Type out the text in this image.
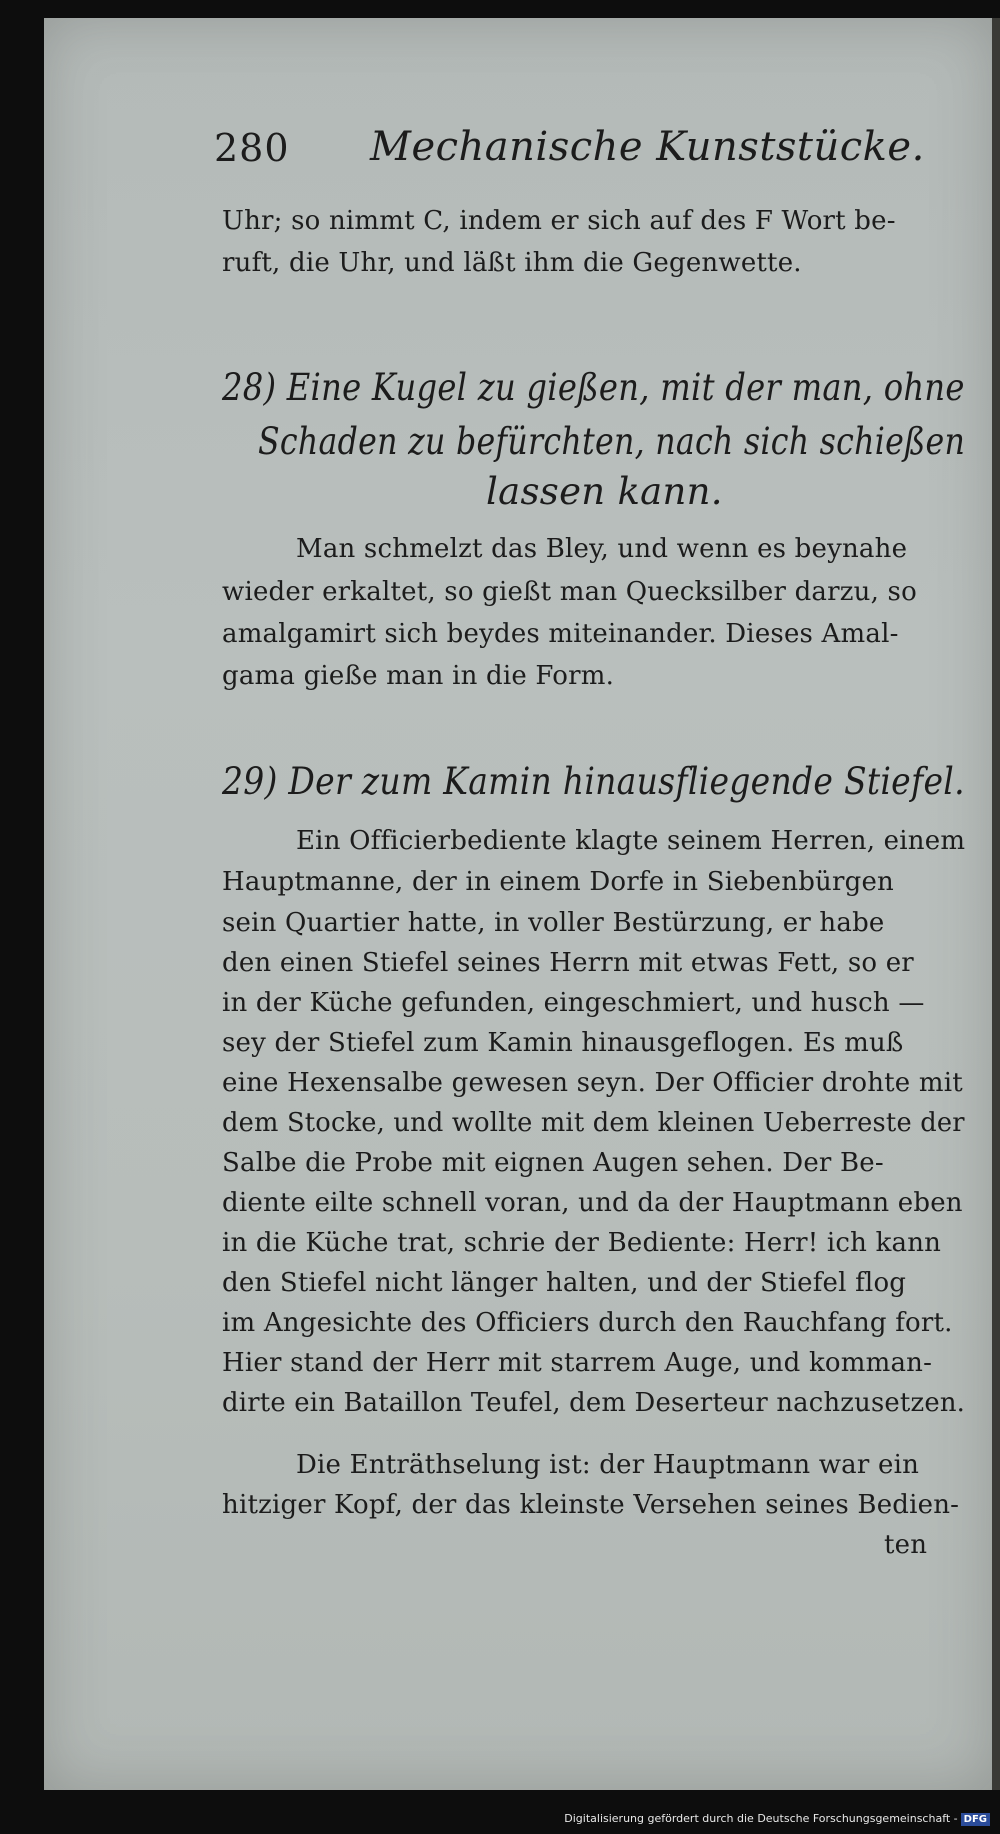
280 Mechanische Kunststücke.
Uhr; so nimmt C, indem er sich auf des F Wort be-
ruft, die Uhr, und läßt ihm die Gegenwette.
28) Eine Kugel zu gießen, mit der man, ohne
Schaden zu befürchten, nach sich schießen
lassen kann.
Man schmelzt das Bley, und wenn es beynahe
wieder erkaltet, so gießt man Quecksilber darzu, so
amalgamirt sich beydes miteinander. Dieses Amal-
gama gieße man in die Form.
29) Der zum Kamin hinausfliegende Stiefel.
Ein Officierbediente klagte seinem Herren, einem
Hauptmanne, der in einem Dorfe in Siebenbürgen
sein Quartier hatte, in voller Bestürzung, er habe
den einen Stiefel seines Herrn mit etwas Fett, so er
in der Küche gefunden, eingeschmiert, und husch —
sey der Stiefel zum Kamin hinausgeflogen. Es muß
eine Hexensalbe gewesen seyn. Der Officier drohte mit
dem Stocke, und wollte mit dem kleinen Ueberreste der
Salbe die Probe mit eignen Augen sehen. Der Be-
diente eilte schnell voran, und da der Hauptmann eben
in die Küche trat, schrie der Bediente: Herr! ich kann
den Stiefel nicht länger halten, und der Stiefel flog
im Angesichte des Officiers durch den Rauchfang fort.
Hier stand der Herr mit starrem Auge, und komman-
dirte ein Bataillon Teufel, dem Deserteur nachzusetzen.
Die Enträthselung ist: der Hauptmann war ein
hitziger Kopf, der das kleinste Versehen seines Bedien-
ten
Digitalisierung gefördert durch die Deutsche Forschungsgemeinschaft - DFG
